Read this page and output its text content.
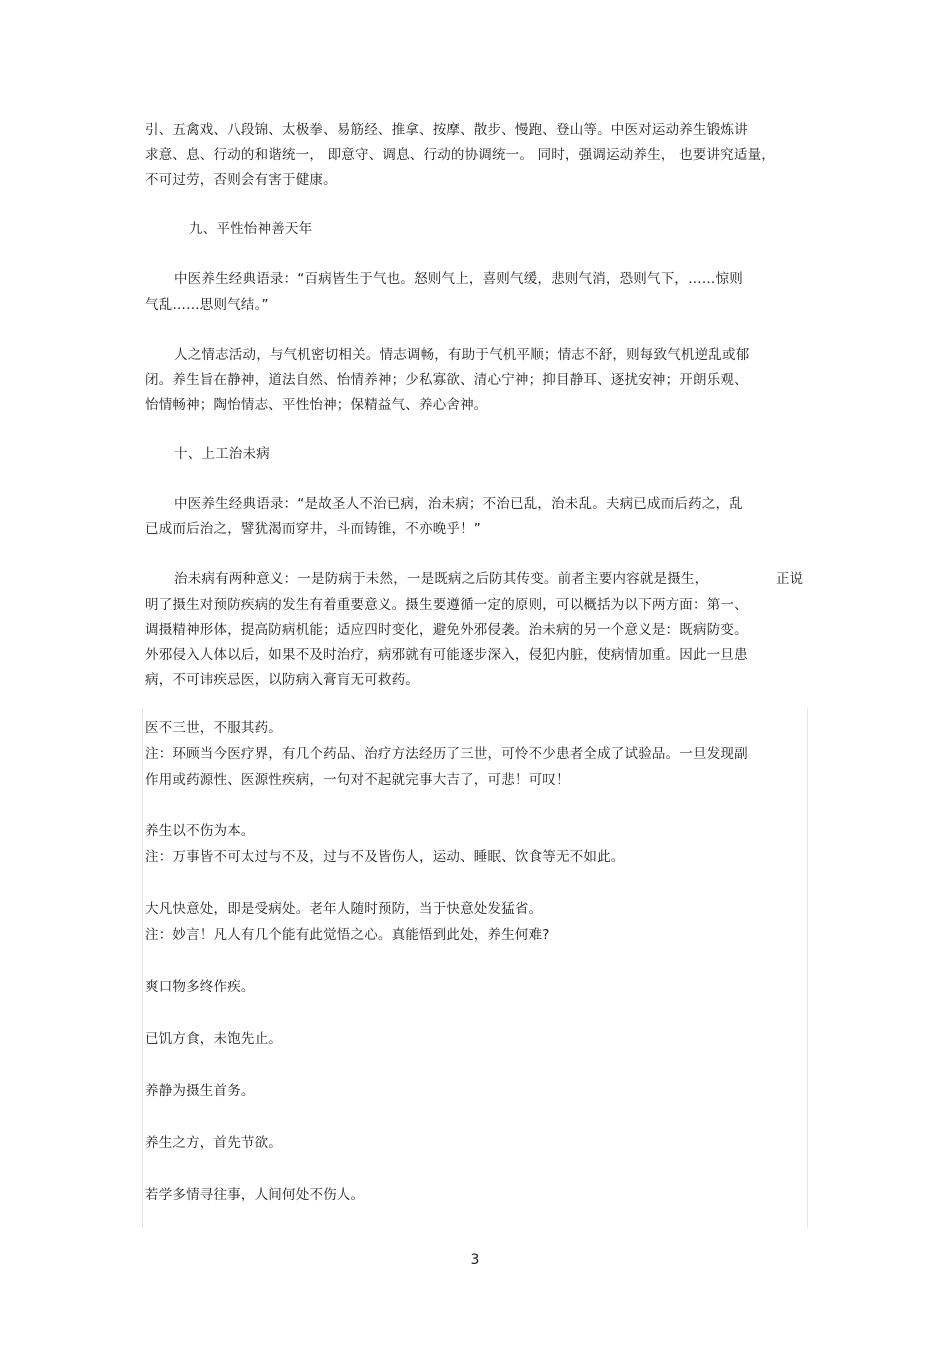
引、五禽戏、八段锦、太极拳、易筋经、推拿、按摩、散步、慢跑、登山等。中医对运动养生锻炼讲
求意、息、行动的和谐统一， 即意守、调息、行动的协调统一。 同时，强调运动养生， 也要讲究适量，
不可过劳，否则会有害于健康。
九、平性怡神善天年
中医养生经典语录：“百病皆生于气也。怒则气上，喜则气缓，悲则气消，恐则气下，……惊则
气乱……思则气结。”
人之情志活动，与气机密切相关。情志调畅，有助于气机平顺；情志不舒，则每致气机逆乱或郁
闭。养生旨在静神，道法自然、怡情养神；少私寡欲、清心宁神；抑目静耳、逐扰安神；开朗乐观、
怡情畅神；陶怡情志、平性怡神；保精益气、养心舍神。
十、上工治未病
中医养生经典语录：“是故圣人不治已病，治未病；不治已乱，治未乱。夫病已成而后药之，乱
已成而后治之，譬犹渴而穿井，斗而铸锥，不亦晚乎！”
治未病有两种意义：一是防病于未然，一是既病之后防其传变。前者主要内容就是摄生，	正说
明了摄生对预防疾病的发生有着重要意义。摄生要遵循一定的原则，可以概括为以下两方面：第一、
调摄精神形体，提高防病机能；适应四时变化，避免外邪侵袭。治未病的另一个意义是：既病防变。
外邪侵入人体以后，如果不及时治疗，病邪就有可能逐步深入，侵犯内脏，使病情加重。因此一旦患
病，不可讳疾忌医，以防病入膏肓无可救药。
医不三世，不服其药。
注：环顾当今医疗界，有几个药品、治疗方法经历了三世，可怜不少患者全成了试验品。一旦发现副
作用或药源性、医源性疾病，一句对不起就完事大吉了，可悲！可叹！
养生以不伤为本。
注：万事皆不可太过与不及，过与不及皆伤人，运动、睡眠、饮食等无不如此。
大凡快意处，即是受病处。老年人随时预防，当于快意处发猛省。
注：妙言！凡人有几个能有此觉悟之心。真能悟到此处，养生何难?
爽口物多终作疾。
已饥方食，未饱先止。
养静为摄生首务。
养生之方，首先节欲。
若学多情寻往事，人间何处不伤人。
3
